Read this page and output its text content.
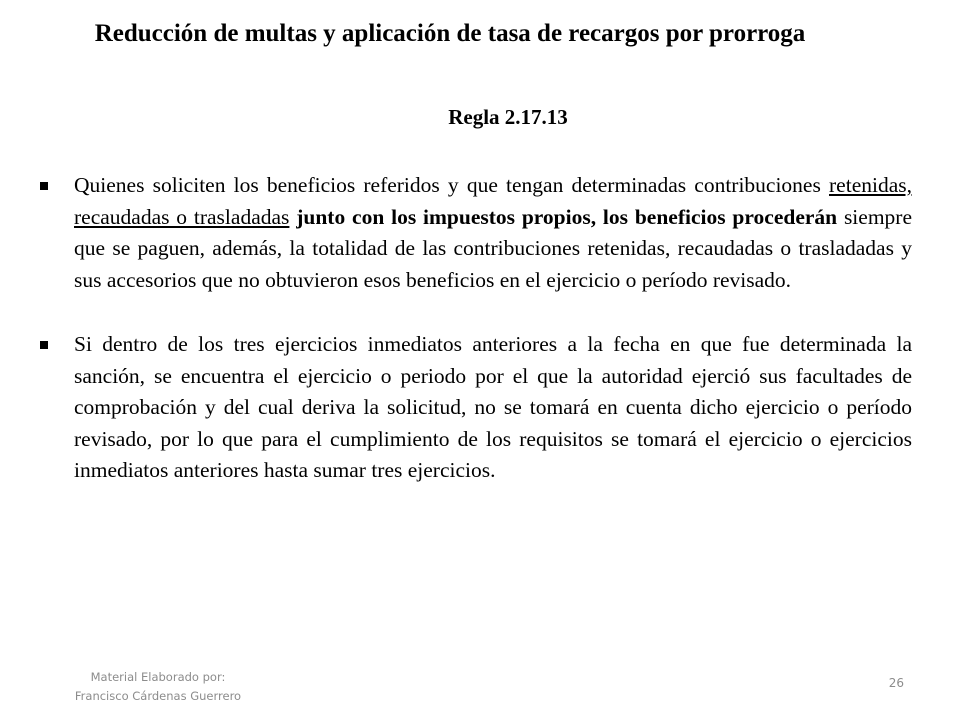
Reducción de multas y aplicación de tasa de recargos por prorroga
Regla 2.17.13
Quienes soliciten los beneficios referidos y que tengan determinadas contribuciones retenidas, recaudadas o trasladadas junto con los impuestos propios, los beneficios procederán siempre que se paguen, además, la totalidad de las contribuciones retenidas, recaudadas o trasladadas y sus accesorios que no obtuvieron esos beneficios en el ejercicio o período revisado.
Si dentro de los tres ejercicios inmediatos anteriores a la fecha en que fue determinada la sanción, se encuentra el ejercicio o periodo por el que la autoridad ejerció sus facultades de comprobación y del cual deriva la solicitud, no se tomará en cuenta dicho ejercicio o período revisado, por lo que para el cumplimiento de los requisitos se tomará el ejercicio o ejercicios inmediatos anteriores hasta sumar tres ejercicios.
Material Elaborado por:
Francisco Cárdenas Guerrero
26
